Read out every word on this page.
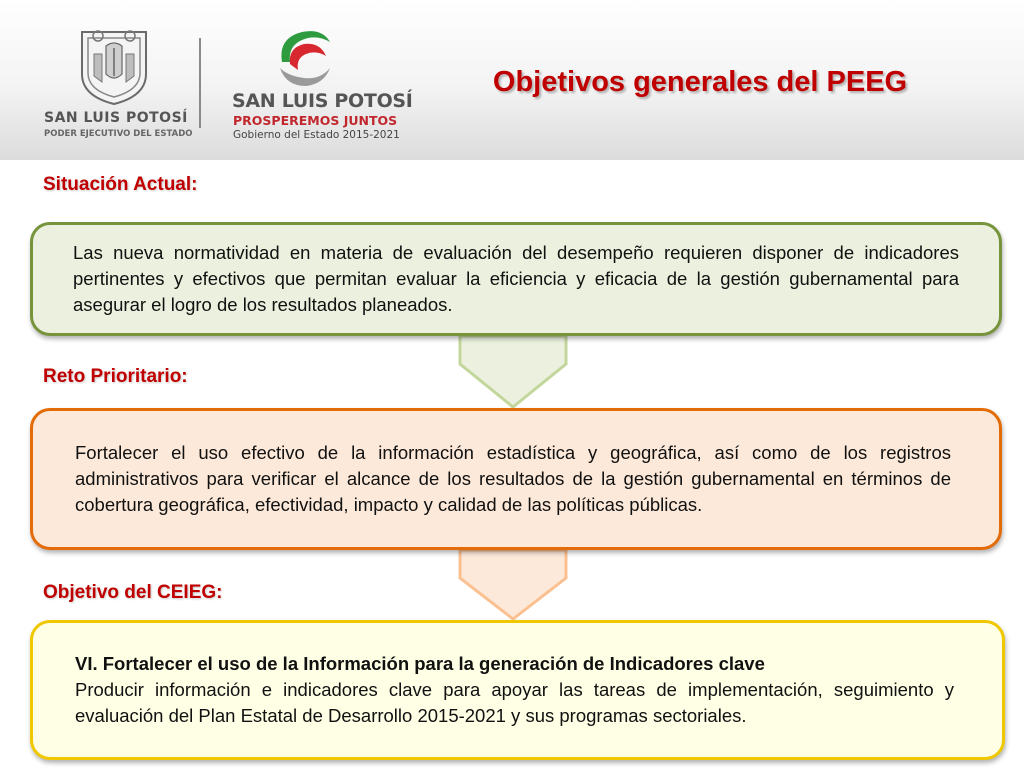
SAN LUIS POTOSÍ
PODER EJECUTIVO DEL ESTADO
SAN LUIS POTOSÍ
PROSPEREMOS JUNTOS
Gobierno del Estado 2015-2021
Objetivos generales del PEEG
Situación Actual:
Las nueva normatividad en materia de evaluación del desempeño requieren disponer de indicadores pertinentes y efectivos que permitan evaluar la eficiencia y eficacia de la gestión gubernamental para asegurar el logro de los resultados planeados.
Reto Prioritario:
Fortalecer el uso efectivo de la información estadística y geográfica, así como de los registros administrativos para verificar el alcance de los resultados de la gestión gubernamental en términos de cobertura geográfica, efectividad, impacto y calidad de las políticas públicas.
Objetivo del CEIEG:
VI. Fortalecer el uso de la Información para la generación de Indicadores clave
Producir información e indicadores clave para apoyar las tareas de implementación, seguimiento y evaluación del Plan Estatal de Desarrollo 2015-2021 y sus programas sectoriales.
